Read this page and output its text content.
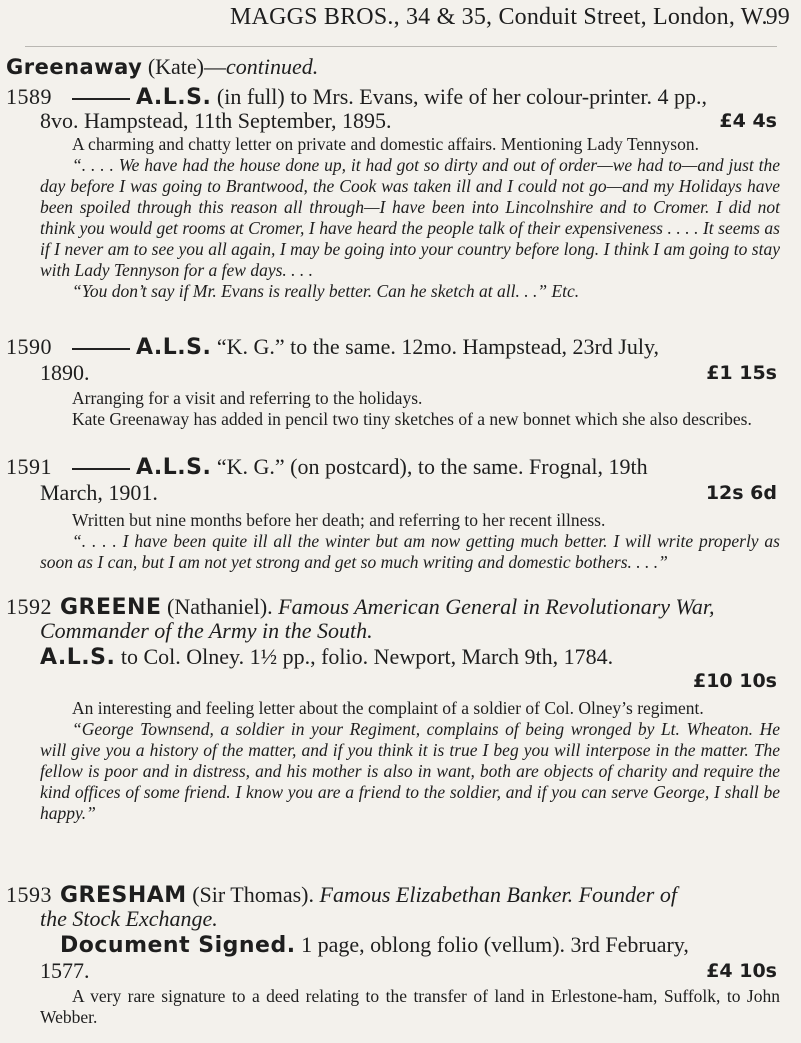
MAGGS BROS., 34 & 35, Conduit Street, London, W.
99
Greenaway (Kate)—continued.
1589	A.L.S. (in full) to Mrs. Evans, wife of her colour-printer. 4 pp.,
8vo. Hampstead, 11th September, 1895.	£4 4s

A charming and chatty letter on private and domestic affairs. Mentioning Lady Tennyson.

“. . . . We have had the house done up, it had got so dirty and out of order—we had to—and just the day before I was going to Brantwood, the Cook was taken ill and I could not go—and my Holidays have been spoiled through this reason all through—I have been into Lincolnshire and to Cromer. I did not think you would get rooms at Cromer, I have heard the people talk of their expensiveness . . . . It seems as if I never am to see you all again, I may be going into your country before long. I think I am going to stay with Lady Tennyson for a few days. . . .

“You don’t say if Mr. Evans is really better. Can he sketch at all. . .” Etc.

1590	A.L.S. “K. G.” to the same. 12mo. Hampstead, 23rd July,
1890.	£1 15s

Arranging for a visit and referring to the holidays.

Kate Greenaway has added in pencil two tiny sketches of a new bonnet which she also describes.

1591	A.L.S. “K. G.” (on postcard), to the same. Frognal, 19th
March, 1901.	12s 6d

Written but nine months before her death; and referring to her recent illness.

“. . . . I have been quite ill all the winter but am now getting much better. I will write properly as soon as I can, but I am not yet strong and get so much writing and domestic bothers. . . .”

1592 GREENE (Nathaniel). Famous American General in Revolutionary War,
Commander of the Army in the South.
A.L.S. to Col. Olney. 1½ pp., folio. Newport, March 9th, 1784.
£10 10s

An interesting and feeling letter about the complaint of a soldier of Col. Olney’s regiment.

“George Townsend, a soldier in your Regiment, complains of being wronged by Lt. Wheaton. He will give you a history of the matter, and if you think it is true I beg you will interpose in the matter. The fellow is poor and in distress, and his mother is also in want, both are objects of charity and require the kind offices of some friend. I know you are a friend to the soldier, and if you can serve George, I shall be happy.”

1593 GRESHAM (Sir Thomas). Famous Elizabethan Banker. Founder of
the Stock Exchange.
Document Signed. 1 page, oblong folio (vellum). 3rd February,
1577.	£4 10s

A very rare signature to a deed relating to the transfer of land in Erlestone-ham, Suffolk, to John Webber.
